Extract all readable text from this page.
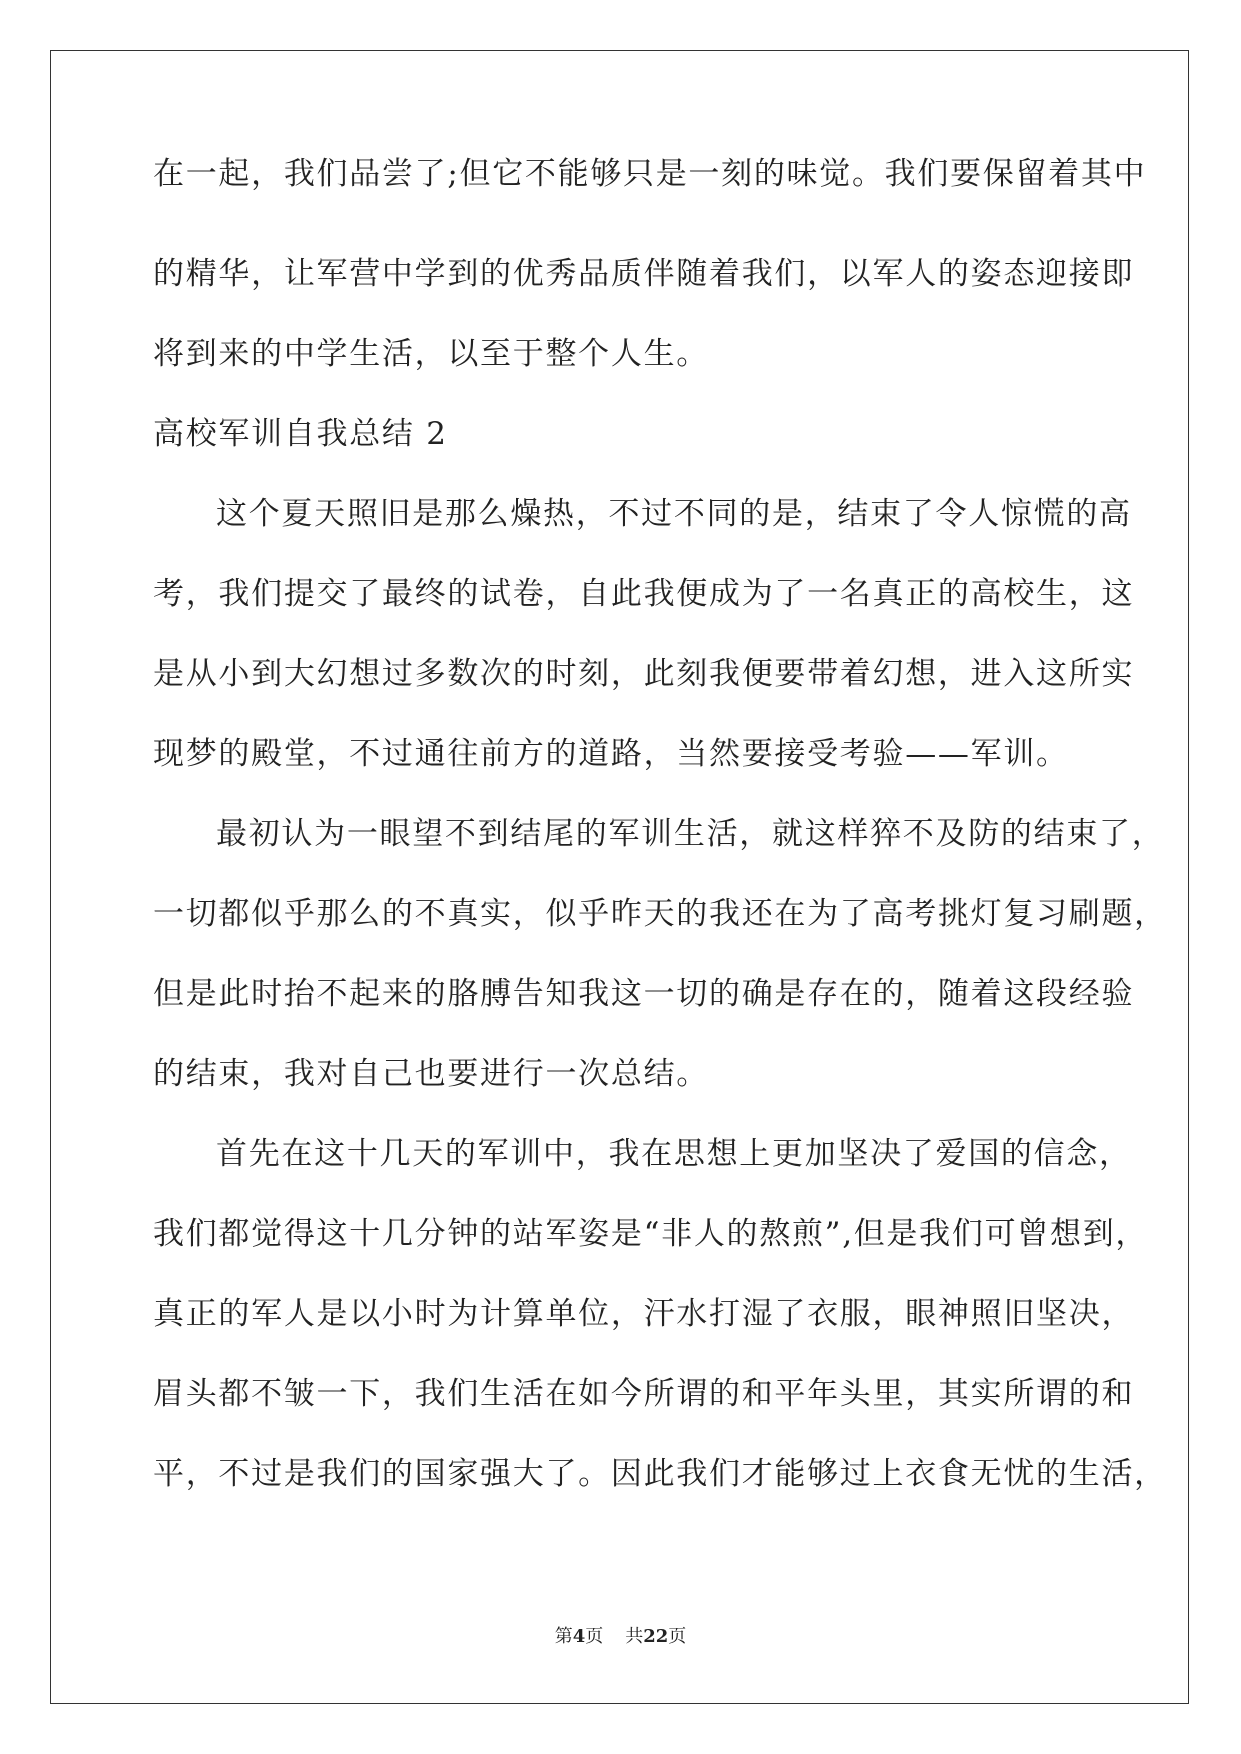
在一起，我们品尝了;但它不能够只是一刻的味觉。我们要保留着其中
的精华，让军营中学到的优秀品质伴随着我们，以军人的姿态迎接即
将到来的中学生活，以至于整个人生。
高校军训自我总结 2
这个夏天照旧是那么燥热，不过不同的是，结束了令人惊慌的高
考，我们提交了最终的试卷，自此我便成为了一名真正的高校生，这
是从小到大幻想过多数次的时刻，此刻我便要带着幻想，进入这所实
现梦的殿堂，不过通往前方的道路，当然要接受考验——军训。
最初认为一眼望不到结尾的军训生活，就这样猝不及防的结束了，
一切都似乎那么的不真实，似乎昨天的我还在为了高考挑灯复习刷题，
但是此时抬不起来的胳膊告知我这一切的确是存在的，随着这段经验
的结束，我对自己也要进行一次总结。
首先在这十几天的军训中，我在思想上更加坚决了爱国的信念，
我们都觉得这十几分钟的站军姿是“非人的熬煎”,但是我们可曾想到，
真正的军人是以小时为计算单位，汗水打湿了衣服，眼神照旧坚决，
眉头都不皱一下，我们生活在如今所谓的和平年头里，其实所谓的和
平，不过是我们的国家强大了。因此我们才能够过上衣食无忧的生活，
第4页 共22页
